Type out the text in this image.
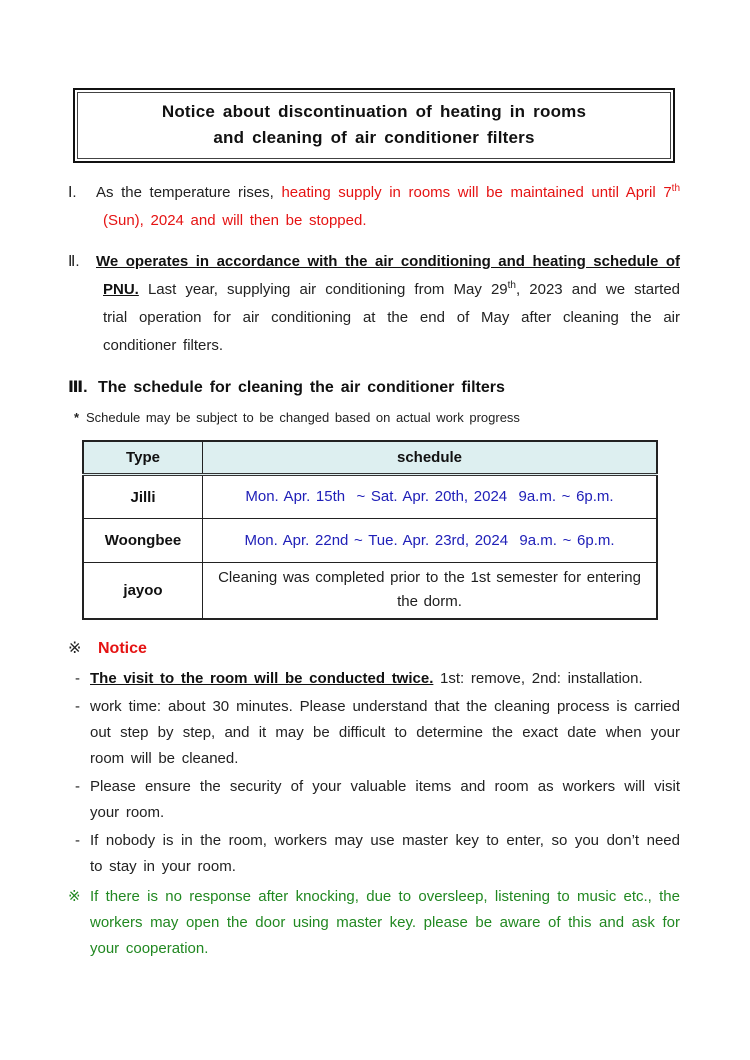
Notice about discontinuation of heating in rooms
and cleaning of air conditioner filters
Ⅰ. As the temperature rises, heating supply in rooms will be maintained until April 7th (Sun), 2024 and will then be stopped.
Ⅱ. We operates in accordance with the air conditioning and heating schedule of PNU. Last year, supplying air conditioning from May 29th, 2023 and we started trial operation for air conditioning at the end of May after cleaning the air conditioner filters.
Ⅲ. The schedule for cleaning the air conditioner filters
* Schedule may be subject to be changed based on actual work progress
Type	schedule
Jilli	Mon. Apr. 15th  ~ Sat. Apr. 20th, 2024  9a.m. ~ 6p.m.
Woongbee	Mon. Apr. 22nd ~ Tue. Apr. 23rd, 2024  9a.m. ~ 6p.m.
jayoo	Cleaning was completed prior to the 1st semester for entering the dorm.
※ Notice
- The visit to the room will be conducted twice. 1st: remove, 2nd: installation.
- work time: about 30 minutes. Please understand that the cleaning process is carried out step by step, and it may be difficult to determine the exact date when your room will be cleaned.
- Please ensure the security of your valuable items and room as workers will visit your room.
- If nobody is in the room, workers may use master key to enter, so you don’t need to stay in your room.
※ If there is no response after knocking, due to oversleep, listening to music etc., the workers may open the door using master key. please be aware of this and ask for your cooperation.
